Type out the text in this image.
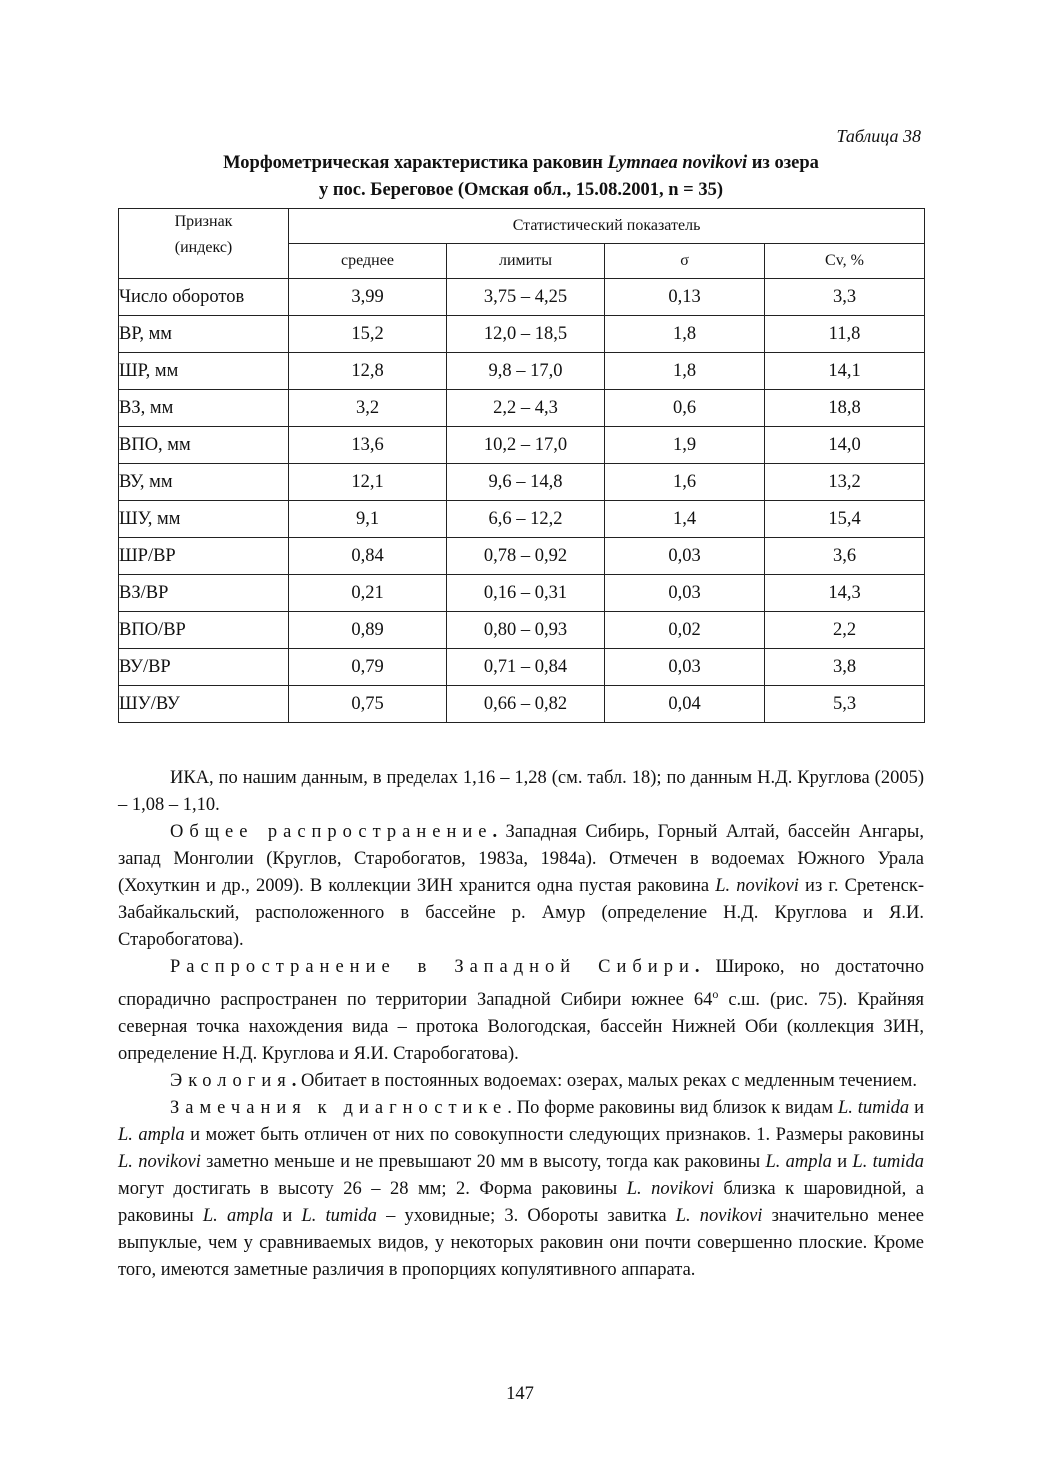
Таблица 38
Морфометрическая характеристика раковин Lymnaea novikovi из озера
у пос. Береговое (Омская обл., 15.08.2001, n = 35)
Признак
(индекс)	Статистический показатель			
	среднее	лимиты	σ	Cv, %
Число оборотов	3,99	3,75 – 4,25	0,13	3,3
ВР, мм	15,2	12,0 – 18,5	1,8	11,8
ШР, мм	12,8	9,8 – 17,0	1,8	14,1
ВЗ, мм	3,2	2,2 – 4,3	0,6	18,8
ВПО, мм	13,6	10,2 – 17,0	1,9	14,0
ВУ, мм	12,1	9,6 – 14,8	1,6	13,2
ШУ, мм	9,1	6,6 – 12,2	1,4	15,4
ШР/ВР	0,84	0,78 – 0,92	0,03	3,6
ВЗ/ВР	0,21	0,16 – 0,31	0,03	14,3
ВПО/ВР	0,89	0,80 – 0,93	0,02	2,2
ВУ/ВР	0,79	0,71 – 0,84	0,03	3,8
ШУ/ВУ	0,75	0,66 – 0,82	0,04	5,3

ИКА, по нашим данным, в пределах 1,16 – 1,28 (см. табл. 18); по данным Н.Д. Круглова (2005) – 1,08 – 1,10.

Общее распространение. Западная Сибирь, Горный Алтай, бассейн Ангары, запад Монголии (Круглов, Старобогатов, 1983а, 1984а). Отмечен в водоемах Южного Урала (Хохуткин и др., 2009). В коллекции ЗИН хранится одна пустая раковина L. novikovi из г. Сретенск-Забайкальский, расположенного в бассейне р. Амур (определение Н.Д. Круглова и Я.И. Старобогатова).

Распространение в Западной Сибири. Широко, но достаточно спорадично распространен по территории Западной Сибири южнее $64^о$ с.ш. (рис. 75). Крайняя северная точка нахождения вида – протока Вологодская, бассейн Нижней Оби (коллекция ЗИН, определение Н.Д. Круглова и Я.И. Старобогатова).

Экология. Обитает в постоянных водоемах: озерах, малых реках с медленным течением.

Замечания к диагностике. По форме раковины вид близок к видам L. tumida и L. ampla и может быть отличен от них по совокупности следующих признаков. 1. Размеры раковины L. novikovi заметно меньше и не превышают 20 мм в высоту, тогда как раковины L. ampla и L. tumida могут достигать в высоту 26 – 28 мм; 2. Форма раковины L. novikovi близка к шаровидной, а раковины L. ampla и L. tumida – уховидные; 3. Обороты завитка L. novikovi значительно менее выпуклые, чем у сравниваемых видов, у некоторых раковин они почти совершенно плоские. Кроме того, имеются заметные различия в пропорциях копулятивного аппарата.

147
